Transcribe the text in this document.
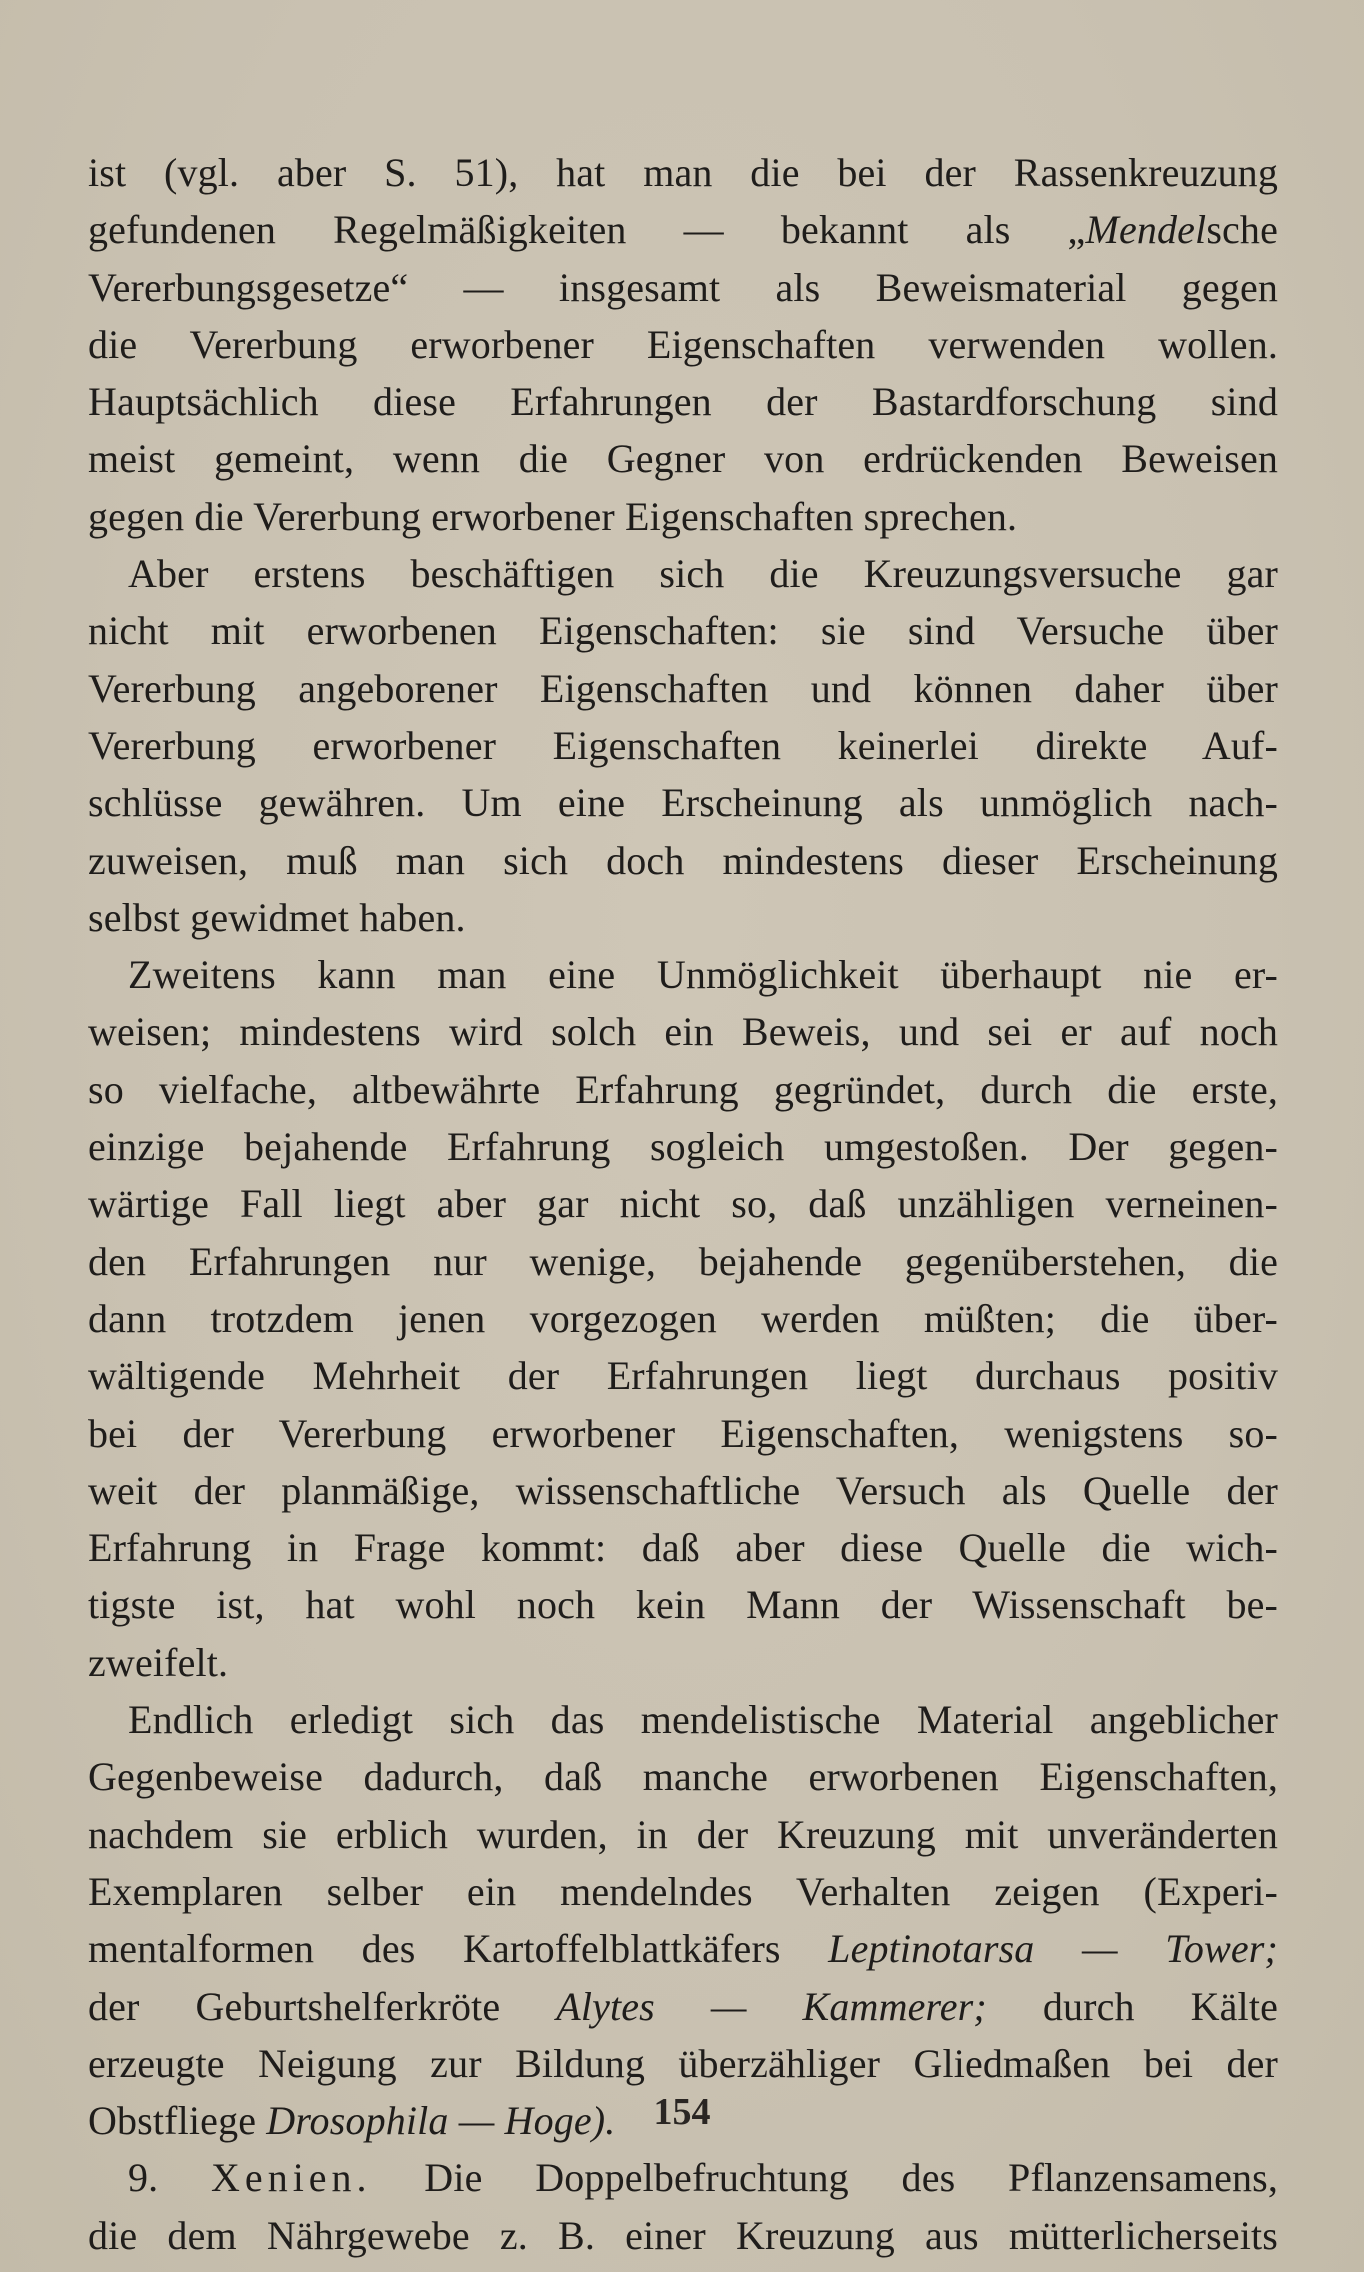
ist (vgl. aber S. 51), hat man die bei der Rassenkreuzung
gefundenen Regelmäßigkeiten — bekannt als „Mendelsche
Vererbungsgesetze“ — insgesamt als Beweismaterial gegen
die Vererbung erworbener Eigenschaften verwenden wollen.
Hauptsächlich diese Erfahrungen der Bastardforschung sind
meist gemeint, wenn die Gegner von erdrückenden Beweisen
gegen die Vererbung erworbener Eigenschaften sprechen.
Aber erstens beschäftigen sich die Kreuzungsversuche gar
nicht mit erworbenen Eigenschaften: sie sind Versuche über
Vererbung angeborener Eigenschaften und können daher über
Vererbung erworbener Eigenschaften keinerlei direkte Auf-
schlüsse gewähren. Um eine Erscheinung als unmöglich nach-
zuweisen, muß man sich doch mindestens dieser Erscheinung
selbst gewidmet haben.
Zweitens kann man eine Unmöglichkeit überhaupt nie er-
weisen; mindestens wird solch ein Beweis, und sei er auf noch
so vielfache, altbewährte Erfahrung gegründet, durch die erste,
einzige bejahende Erfahrung sogleich umgestoßen. Der gegen-
wärtige Fall liegt aber gar nicht so, daß unzähligen verneinen-
den Erfahrungen nur wenige, bejahende gegenüberstehen, die
dann trotzdem jenen vorgezogen werden müßten; die über-
wältigende Mehrheit der Erfahrungen liegt durchaus positiv
bei der Vererbung erworbener Eigenschaften, wenigstens so-
weit der planmäßige, wissenschaftliche Versuch als Quelle der
Erfahrung in Frage kommt: daß aber diese Quelle die wich-
tigste ist, hat wohl noch kein Mann der Wissenschaft be-
zweifelt.
Endlich erledigt sich das mendelistische Material angeblicher
Gegenbeweise dadurch, daß manche erworbenen Eigenschaften,
nachdem sie erblich wurden, in der Kreuzung mit unveränderten
Exemplaren selber ein mendelndes Verhalten zeigen (Experi-
mentalformen des Kartoffelblattkäfers Leptinotarsa — Tower;
der Geburtshelferkröte Alytes — Kammerer; durch Kälte
erzeugte Neigung zur Bildung überzähliger Gliedmaßen bei der
Obstfliege Drosophila — Hoge).
9. Xenien. Die Doppelbefruchtung des Pflanzensamens,
die dem Nährgewebe z. B. einer Kreuzung aus mütterlicherseits
154
